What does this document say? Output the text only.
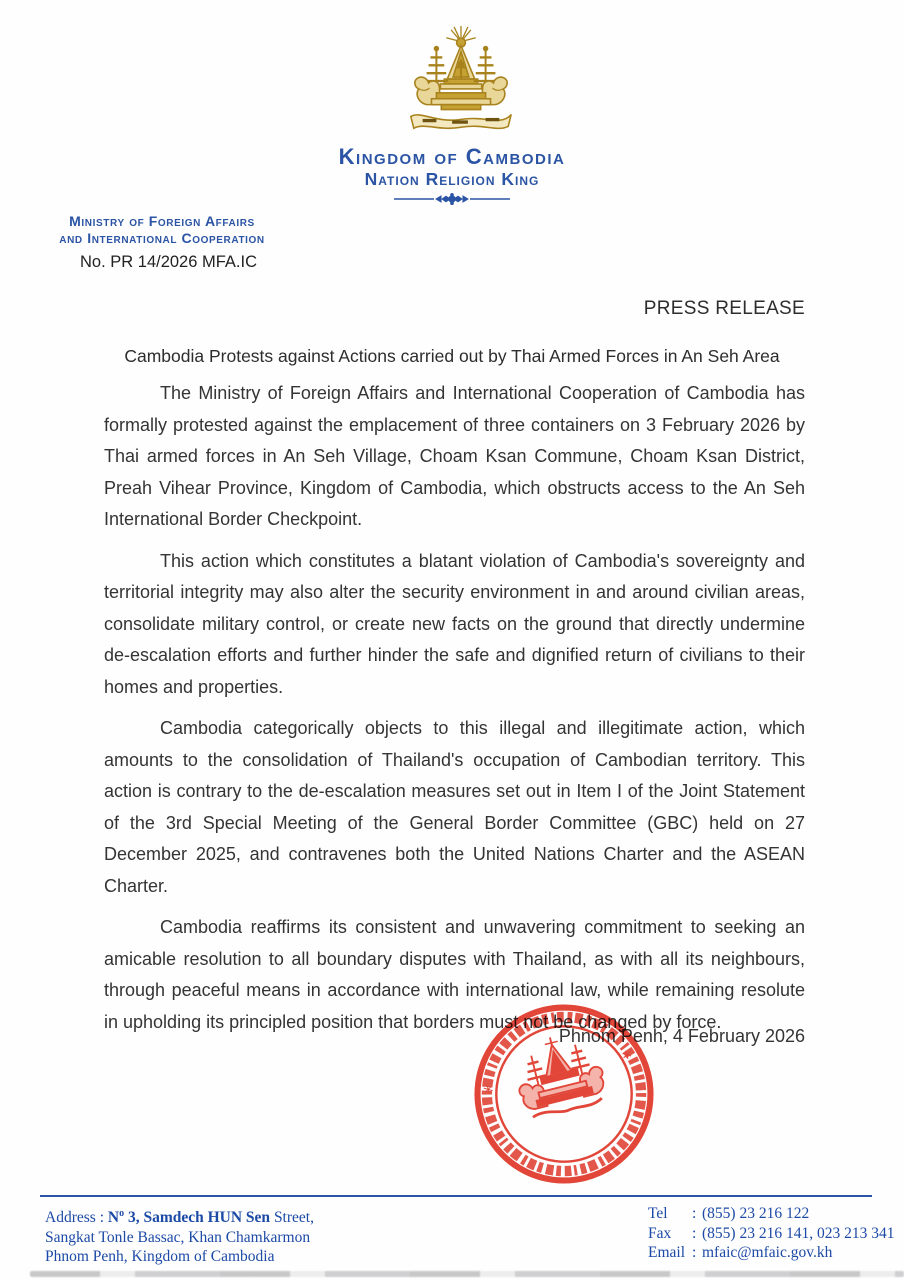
Kingdom of Cambodia
Nation Religion King
Ministry of Foreign Affairs
and International Cooperation
No. PR 14/2026 MFA.IC
PRESS RELEASE
Cambodia Protests against Actions carried out by Thai Armed Forces in An Seh Area

The Ministry of Foreign Affairs and International Cooperation of Cambodia has formally protested against the emplacement of three containers on 3 February 2026 by Thai armed forces in An Seh Village, Choam Ksan Commune, Choam Ksan District, Preah Vihear Province, Kingdom of Cambodia, which obstructs access to the An Seh International Border Checkpoint.

This action which constitutes a blatant violation of Cambodia's sovereignty and territorial integrity may also alter the security environment in and around civilian areas, consolidate military control, or create new facts on the ground that directly undermine de-escalation efforts and further hinder the safe and dignified return of civilians to their homes and properties.

Cambodia categorically objects to this illegal and illegitimate action, which amounts to the consolidation of Thailand's occupation of Cambodian territory. This action is contrary to the de-escalation measures set out in Item I of the Joint Statement of the 3rd Special Meeting of the General Border Committee (GBC) held on 27 December 2025, and contravenes both the United Nations Charter and the ASEAN Charter.

Cambodia reaffirms its consistent and unwavering commitment to seeking an amicable resolution to all boundary disputes with Thailand, as with all its neighbours, through peaceful means in accordance with international law, while remaining resolute in upholding its principled position that borders must not be changed by force.

Phnom Penh, 4 February 2026
*
*
Address : $N^o$ 3, Samdech HUN Sen Street,
Sangkat Tonle Bassac, Khan Chamkarmon
Phnom Penh, Kingdom of Cambodia
Tel	: (855) 23 216 122
Fax	: (855) 23 216 141, 023 213 341
Email : mfaic@mfaic.gov.kh
